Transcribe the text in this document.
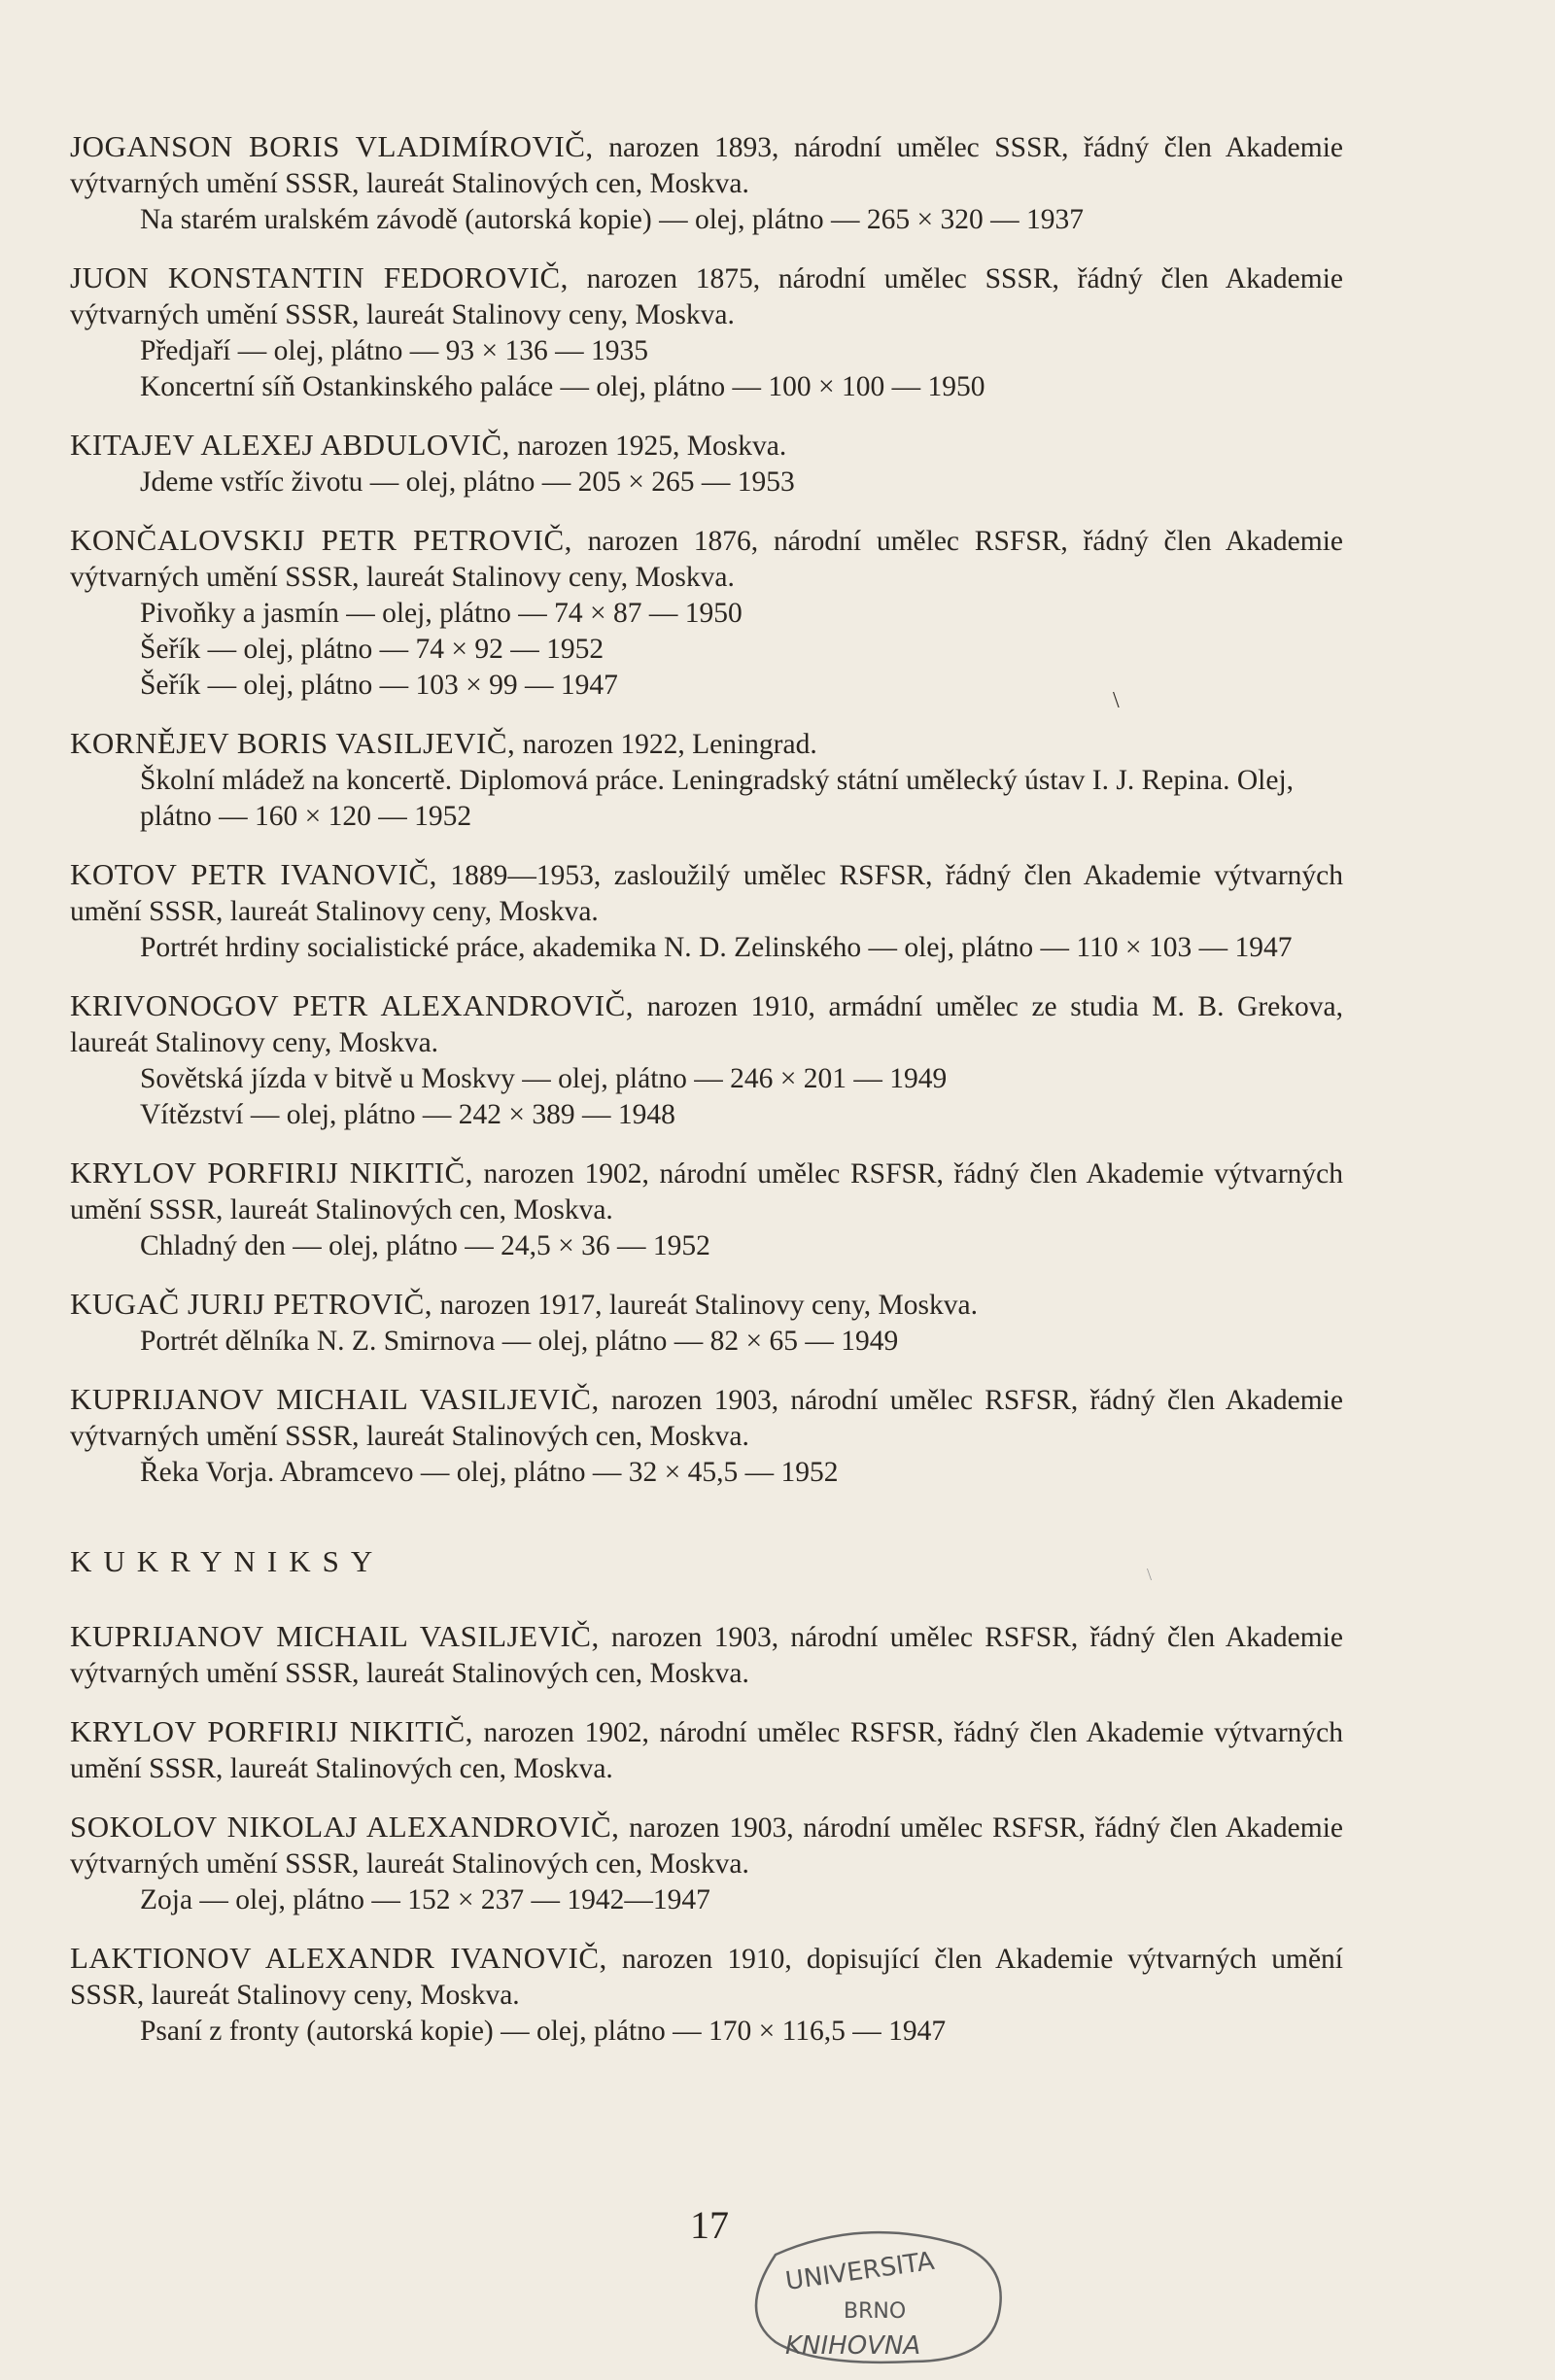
JOGANSON BORIS VLADIMÍROVIČ, narozen 1893, národní umělec SSSR, řádný člen Akademie výtvarných umění SSSR, laureát Stalinových cen, Moskva.
Na starém uralském závodě (autorská kopie) — olej, plátno — 265 × 320 — 1937
JUON KONSTANTIN FEDOROVIČ, narozen 1875, národní umělec SSSR, řádný člen Akademie výtvarných umění SSSR, laureát Stalinovy ceny, Moskva.
Předjaří — olej, plátno — 93 × 136 — 1935
Koncertní síň Ostankinského paláce — olej, plátno — 100 × 100 — 1950
KITAJEV ALEXEJ ABDULOVIČ, narozen 1925, Moskva.
Jdeme vstříc životu — olej, plátno — 205 × 265 — 1953
KONČALOVSKIJ PETR PETROVIČ, narozen 1876, národní umělec RSFSR, řádný člen Akademie výtvarných umění SSSR, laureát Stalinovy ceny, Moskva.
Pivoňky a jasmín — olej, plátno — 74 × 87 — 1950
Šeřík — olej, plátno — 74 × 92 — 1952
Šeřík — olej, plátno — 103 × 99 — 1947
KORNĚJEV BORIS VASILJEVIČ, narozen 1922, Leningrad.
Školní mládež na koncertě. Diplomová práce. Leningradský státní umělecký ústav I. J. Repina. Olej, plátno — 160 × 120 — 1952
KOTOV PETR IVANOVIČ, 1889—1953, zasloužilý umělec RSFSR, řádný člen Akademie výtvarných umění SSSR, laureát Stalinovy ceny, Moskva.
Portrét hrdiny socialistické práce, akademika N. D. Zelinského — olej, plátno — 110 × 103 — 1947
KRIVONOGOV PETR ALEXANDROVIČ, narozen 1910, armádní umělec ze studia M. B. Grekova, laureát Stalinovy ceny, Moskva.
Sovětská jízda v bitvě u Moskvy — olej, plátno — 246 × 201 — 1949
Vítězství — olej, plátno — 242 × 389 — 1948
KRYLOV PORFIRIJ NIKITIČ, narozen 1902, národní umělec RSFSR, řádný člen Akademie výtvarných umění SSSR, laureát Stalinových cen, Moskva.
Chladný den — olej, plátno — 24,5 × 36 — 1952
KUGAČ JURIJ PETROVIČ, narozen 1917, laureát Stalinovy ceny, Moskva.
Portrét dělníka N. Z. Smirnova — olej, plátno — 82 × 65 — 1949
KUPRIJANOV MICHAIL VASILJEVIČ, narozen 1903, národní umělec RSFSR, řádný člen Akademie výtvarných umění SSSR, laureát Stalinových cen, Moskva.
Řeka Vorja. Abramcevo — olej, plátno — 32 × 45,5 — 1952
KUKRYNIKSY
KUPRIJANOV MICHAIL VASILJEVIČ, narozen 1903, národní umělec RSFSR, řádný člen Akademie výtvarných umění SSSR, laureát Stalinových cen, Moskva.
KRYLOV PORFIRIJ NIKITIČ, narozen 1902, národní umělec RSFSR, řádný člen Akademie výtvarných umění SSSR, laureát Stalinových cen, Moskva.
SOKOLOV NIKOLAJ ALEXANDROVIČ, narozen 1903, národní umělec RSFSR, řádný člen Akademie výtvarných umění SSSR, laureát Stalinových cen, Moskva.
Zoja — olej, plátno — 152 × 237 — 1942—1947
LAKTIONOV ALEXANDR IVANOVIČ, narozen 1910, dopisující člen Akademie výtvarných umění SSSR, laureát Stalinovy ceny, Moskva.
Psaní z fronty (autorská kopie) — olej, plátno — 170 × 116,5 — 1947
\
\
17
UNIVERSITA
BRNO
KNIHOVNA
